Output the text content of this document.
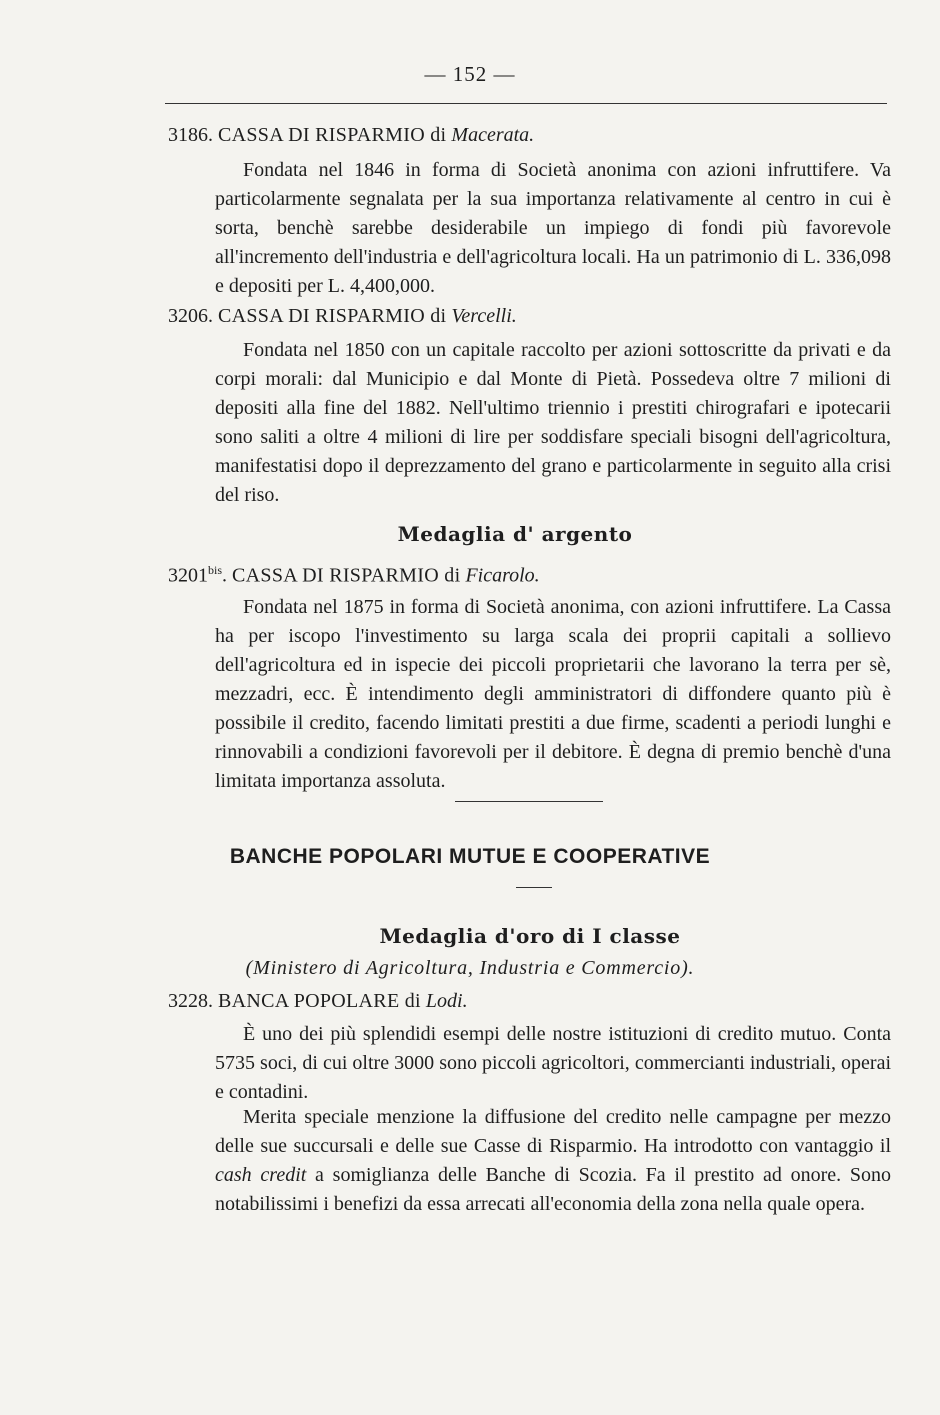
— 152 —
3186. CASSA DI RISPARMIO di Macerata.

Fondata nel 1846 in forma di Società anonima con azioni infruttifere. Va particolarmente segnalata per la sua importanza relativamente al centro in cui è sorta, benchè sarebbe desiderabile un impiego di fondi più favorevole all'incremento dell'industria e dell'agricoltura locali. Ha un patrimonio di L. 336,098 e depositi per L. 4,400,000.

3206. CASSA DI RISPARMIO di Vercelli.

Fondata nel 1850 con un capitale raccolto per azioni sottoscritte da privati e da corpi morali: dal Municipio e dal Monte di Pietà. Possedeva oltre 7 milioni di depositi alla fine del 1882. Nell'ultimo triennio i prestiti chirografari e ipotecarii sono saliti a oltre 4 milioni di lire per soddisfare speciali bisogni dell'agricoltura, manifestatisi dopo il deprezzamento del grano e particolarmente in seguito alla crisi del riso.

Medaglia d' argento
$3201^{bis}$. CASSA DI RISPARMIO di Ficarolo.

Fondata nel 1875 in forma di Società anonima, con azioni infruttifere. La Cassa ha per iscopo l'investimento su larga scala dei proprii capitali a sollievo dell'agricoltura ed in ispecie dei piccoli proprietarii che lavorano la terra per sè, mezzadri, ecc. È intendimento degli amministratori di diffondere quanto più è possibile il credito, facendo limitati prestiti a due firme, scadenti a periodi lunghi e rinnovabili a condizioni favorevoli per il debitore. È degna di premio benchè d'una limitata importanza assoluta.

BANCHE POPOLARI MUTUE E COOPERATIVE
Medaglia d'oro di I classe
(Ministero di Agricoltura, Industria e Commercio).
3228. BANCA POPOLARE di Lodi.

È uno dei più splendidi esempi delle nostre istituzioni di credito mutuo. Conta 5735 soci, di cui oltre 3000 sono piccoli agricoltori, commercianti industriali, operai e contadini.

Merita speciale menzione la diffusione del credito nelle campagne per mezzo delle sue succursali e delle sue Casse di Risparmio. Ha introdotto con vantaggio il cash credit a somiglianza delle Banche di Scozia. Fa il prestito ad onore. Sono notabilissimi i benefizi da essa arrecati all'economia della zona nella quale opera.
